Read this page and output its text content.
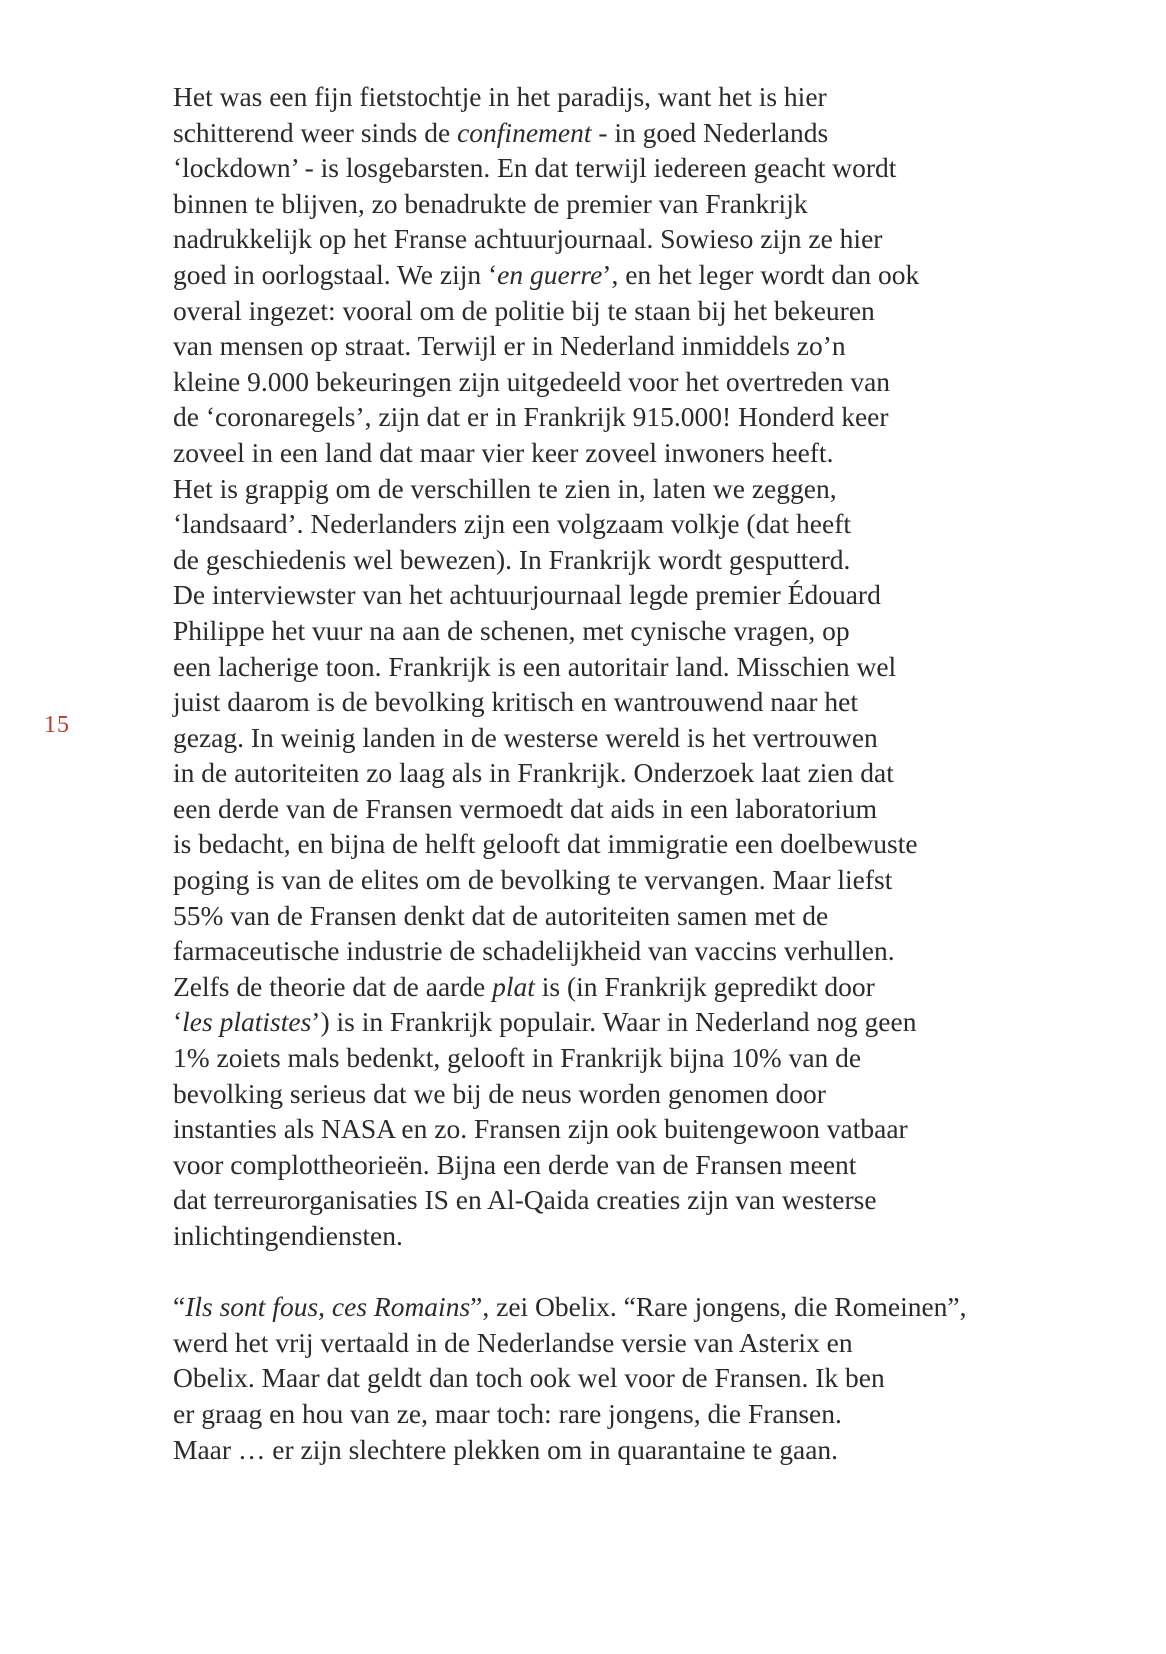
15
Het was een fijn fietstochtje in het paradijs, want het is hier
schitterend weer sinds de confinement - in goed Nederlands
‘lockdown’ - is losgebarsten. En dat terwijl iedereen geacht wordt
binnen te blijven, zo benadrukte de premier van Frankrijk
nadrukkelijk op het Franse achtuurjournaal. Sowieso zijn ze hier
goed in oorlogstaal. We zijn ‘en guerre’, en het leger wordt dan ook
overal ingezet: vooral om de politie bij te staan bij het bekeuren
van mensen op straat. Terwijl er in Nederland inmiddels zo’n
kleine 9.000 bekeuringen zijn uitgedeeld voor het overtreden van
de ‘coronaregels’, zijn dat er in Frankrijk 915.000! Honderd keer
zoveel in een land dat maar vier keer zoveel inwoners heeft.
Het is grappig om de verschillen te zien in, laten we zeggen,
‘landsaard’. Nederlanders zijn een volgzaam volkje (dat heeft
de geschiedenis wel bewezen). In Frankrijk wordt gesputterd.
De interviewster van het achtuurjournaal legde premier Édouard
Philippe het vuur na aan de schenen, met cynische vragen, op
een lacherige toon. Frankrijk is een autoritair land. Misschien wel
juist daarom is de bevolking kritisch en wantrouwend naar het
gezag. In weinig landen in de westerse wereld is het vertrouwen
in de autoriteiten zo laag als in Frankrijk. Onderzoek laat zien dat
een derde van de Fransen vermoedt dat aids in een laboratorium
is bedacht, en bijna de helft gelooft dat immigratie een doelbewuste
poging is van de elites om de bevolking te vervangen. Maar liefst
55% van de Fransen denkt dat de autoriteiten samen met de
farmaceutische industrie de schadelijkheid van vaccins verhullen.
Zelfs de theorie dat de aarde plat is (in Frankrijk gepredikt door
‘les platistes’) is in Frankrijk populair. Waar in Nederland nog geen
1% zoiets mals bedenkt, gelooft in Frankrijk bijna 10% van de
bevolking serieus dat we bij de neus worden genomen door
instanties als NASA en zo. Fransen zijn ook buitengewoon vatbaar
voor complottheorieën. Bijna een derde van de Fransen meent
dat terreurorganisaties IS en Al-Qaida creaties zijn van westerse
inlichtingendiensten.
“Ils sont fous, ces Romains”, zei Obelix. “Rare jongens, die Romeinen”,
werd het vrij vertaald in de Nederlandse versie van Asterix en
Obelix. Maar dat geldt dan toch ook wel voor de Fransen. Ik ben
er graag en hou van ze, maar toch: rare jongens, die Fransen.
Maar … er zijn slechtere plekken om in quarantaine te gaan.
